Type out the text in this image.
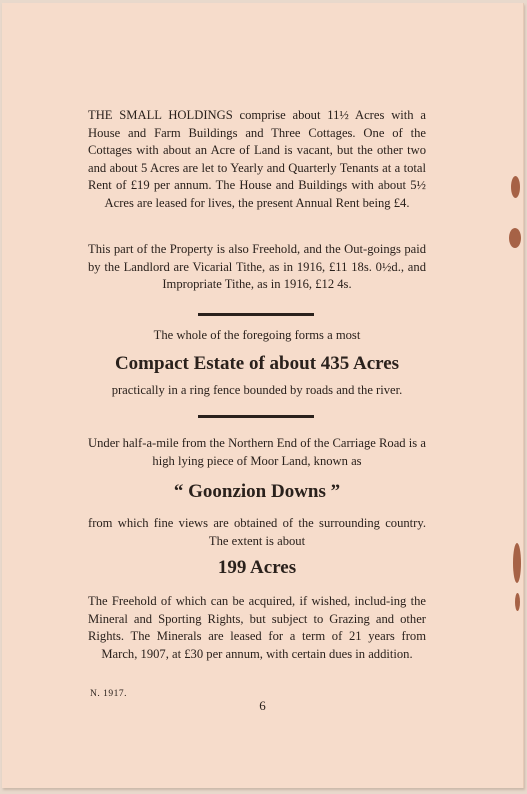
THE SMALL HOLDINGS comprise about 11½ Acres with a House and Farm Buildings and Three Cottages. One of the Cottages with about an Acre of Land is vacant, but the other two and about 5 Acres are let to Yearly and Quarterly Tenants at a total Rent of £19 per annum. The House and Buildings with about 5½ Acres are leased for lives, the present Annual Rent being £4.

This part of the Property is also Freehold, and the Out-goings paid by the Landlord are Vicarial Tithe, as in 1916, £11 18s. 0½d., and Impropriate Tithe, as in 1916, £12 4s.

The whole of the foregoing forms a most

Compact Estate of about 435 Acres

practically in a ring fence bounded by roads and the river.

Under half-a-mile from the Northern End of the Carriage Road is a high lying piece of Moor Land, known as

“ Goonzion Downs ”

from which fine views are obtained of the surrounding country. The extent is about

199 Acres

The Freehold of which can be acquired, if wished, includ-ing the Mineral and Sporting Rights, but subject to Grazing and other Rights. The Minerals are leased for a term of 21 years from March, 1907, at £30 per annum, with certain dues in addition.

N. 1917.
6
